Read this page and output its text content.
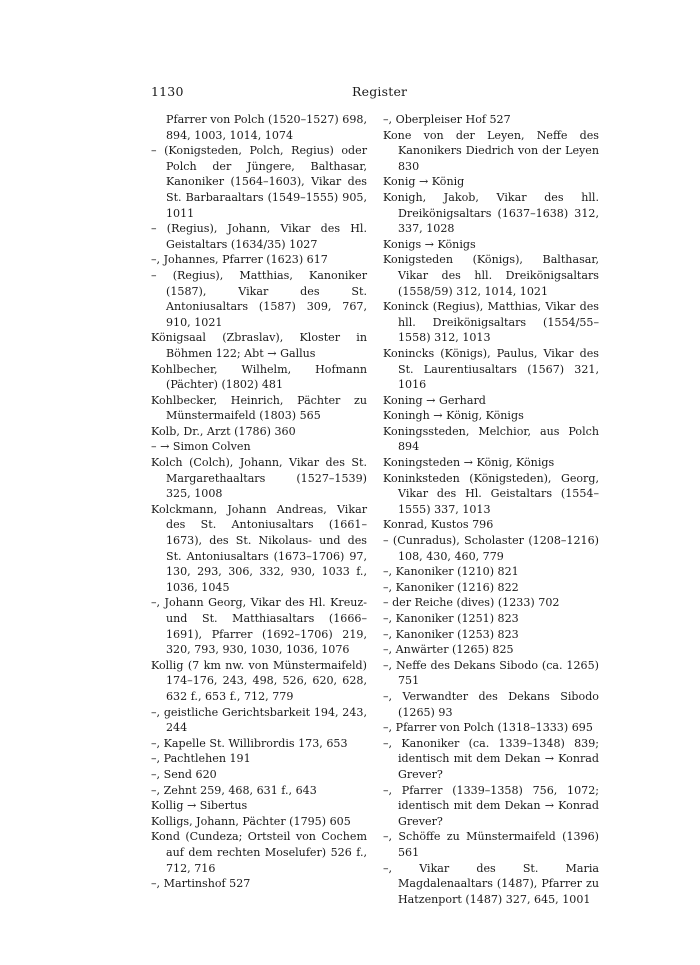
1130	Register
Pfarrer von Polch (1520–1527) 698, 894, 1003, 1014, 1074
– (Konigsteden, Polch, Regius) oder Polch der Jüngere, Balthasar, Kanoniker (1564–1603), Vikar des St. Barbaraaltars (1549–1555) 905, 1011
– (Regius), Johann, Vikar des Hl. Geistaltars (1634/35) 1027
–, Johannes, Pfarrer (1623) 617
– (Regius), Matthias, Kanoniker (1587), Vikar des St. Antoniusaltars (1587) 309, 767, 910, 1021
Königsaal (Zbraslav), Kloster in Böhmen 122; Abt → Gallus
Kohlbecher, Wilhelm, Hofmann (Pächter) (1802) 481
Kohlbecker, Heinrich, Pächter zu Münstermaifeld (1803) 565
Kolb, Dr., Arzt (1786) 360
– → Simon Colven
Kolch (Colch), Johann, Vikar des St. Margarethaaltars (1527–1539) 325, 1008
Kolckmann, Johann Andreas, Vikar des St. Antoniusaltars (1661–1673), des St. Nikolaus- und des St. Antoniusaltars (1673–1706) 97, 130, 293, 306, 332, 930, 1033 f., 1036, 1045
–, Johann Georg, Vikar des Hl. Kreuz- und St. Matthiasaltars (1666–1691), Pfarrer (1692–1706) 219, 320, 793, 930, 1030, 1036, 1076
Kollig (7 km nw. von Münstermaifeld) 174–176, 243, 498, 526, 620, 628, 632 f., 653 f., 712, 779
–, geistliche Gerichtsbarkeit 194, 243, 244
–, Kapelle St. Willibrordis 173, 653
–, Pachtlehen 191
–, Send 620
–, Zehnt 259, 468, 631 f., 643
Kollig → Sibertus
Kolligs, Johann, Pächter (1795) 605
Kond (Cundeza; Ortsteil von Cochem auf dem rechten Moselufer) 526 f., 712, 716
–, Martinshof 527
–, Oberpleiser Hof 527
Kone von der Leyen, Neffe des Kanonikers Diedrich von der Leyen 830
Konig → König
Konigh, Jakob, Vikar des hll. Dreikönigsaltars (1637–1638) 312, 337, 1028
Konigs → Königs
Konigsteden (Königs), Balthasar, Vikar des hll. Dreikönigsaltars (1558/59) 312, 1014, 1021
Koninck (Regius), Matthias, Vikar des hll. Dreikönigsaltars (1554/55–1558) 312, 1013
Konincks (Königs), Paulus, Vikar des St. Laurentiusaltars (1567) 321, 1016
Koning → Gerhard
Koningh → König, Königs
Koningssteden, Melchior, aus Polch 894
Koningsteden → König, Königs
Koninksteden (Königsteden), Georg, Vikar des Hl. Geistaltars (1554–1555) 337, 1013
Konrad, Kustos 796
– (Cunradus), Scholaster (1208–1216) 108, 430, 460, 779
–, Kanoniker (1210) 821
–, Kanoniker (1216) 822
– der Reiche (dives) (1233) 702
–, Kanoniker (1251) 823
–, Kanoniker (1253) 823
–, Anwärter (1265) 825
–, Neffe des Dekans Sibodo (ca. 1265) 751
–, Verwandter des Dekans Sibodo (1265) 93
–, Pfarrer von Polch (1318–1333) 695
–, Kanoniker (ca. 1339–1348) 839; identisch mit dem Dekan → Konrad Grever?
–, Pfarrer (1339–1358) 756, 1072; identisch mit dem Dekan → Konrad Grever?
–, Schöffe zu Münstermaifeld (1396) 561
–, Vikar des St. Maria Magdalenaaltars (1487), Pfarrer zu Hatzenport (1487) 327, 645, 1001
